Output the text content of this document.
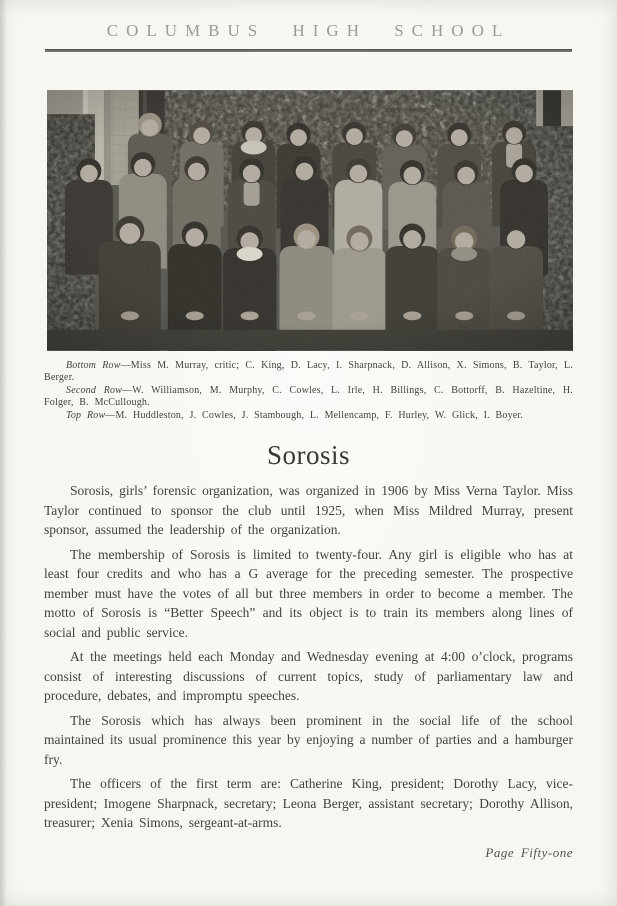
COLUMBUS HIGH SCHOOL

Bottom Row—Miss M. Murray, critic; C. King, D. Lacy, I. Sharpnack, D. Allison, X. Simons, B. Taylor, L. Berger.

Second Row—W. Williamson, M. Murphy, C. Cowles, L. Irle, H. Billings, C. Bottorff, B. Hazeltine, H. Folger, B. McCullough.

Top Row—M. Huddleston, J. Cowles, J. Stambough, L. Mellencamp, F. Hurley, W. Glick, I. Boyer.

Sorosis

Sorosis, girls’ forensic organization, was organized in 1906 by Miss Verna Taylor. Miss Taylor continued to sponsor the club until 1925, when Miss Mildred Murray, present sponsor, assumed the leadership of the organization.

The membership of Sorosis is limited to twenty-four. Any girl is eligible who has at least four credits and who has a G average for the preceding semester. The prospective member must have the votes of all but three members in order to become a member. The motto of Sorosis is “Better Speech” and its object is to train its members along lines of social and public service.

At the meetings held each Monday and Wednesday evening at 4:00 o’clock, programs consist of interesting discussions of current topics, study of parliamentary law and procedure, debates, and impromptu speeches.

The Sorosis which has always been prominent in the social life of the school maintained its usual prominence this year by enjoying a number of parties and a hamburger fry.

The officers of the first term are: Catherine King, president; Dorothy Lacy, vice-president; Imogene Sharpnack, secretary; Leona Berger, assistant secretary; Dorothy Allison, treasurer; Xenia Simons, sergeant-at-arms.

Page Fifty-one
